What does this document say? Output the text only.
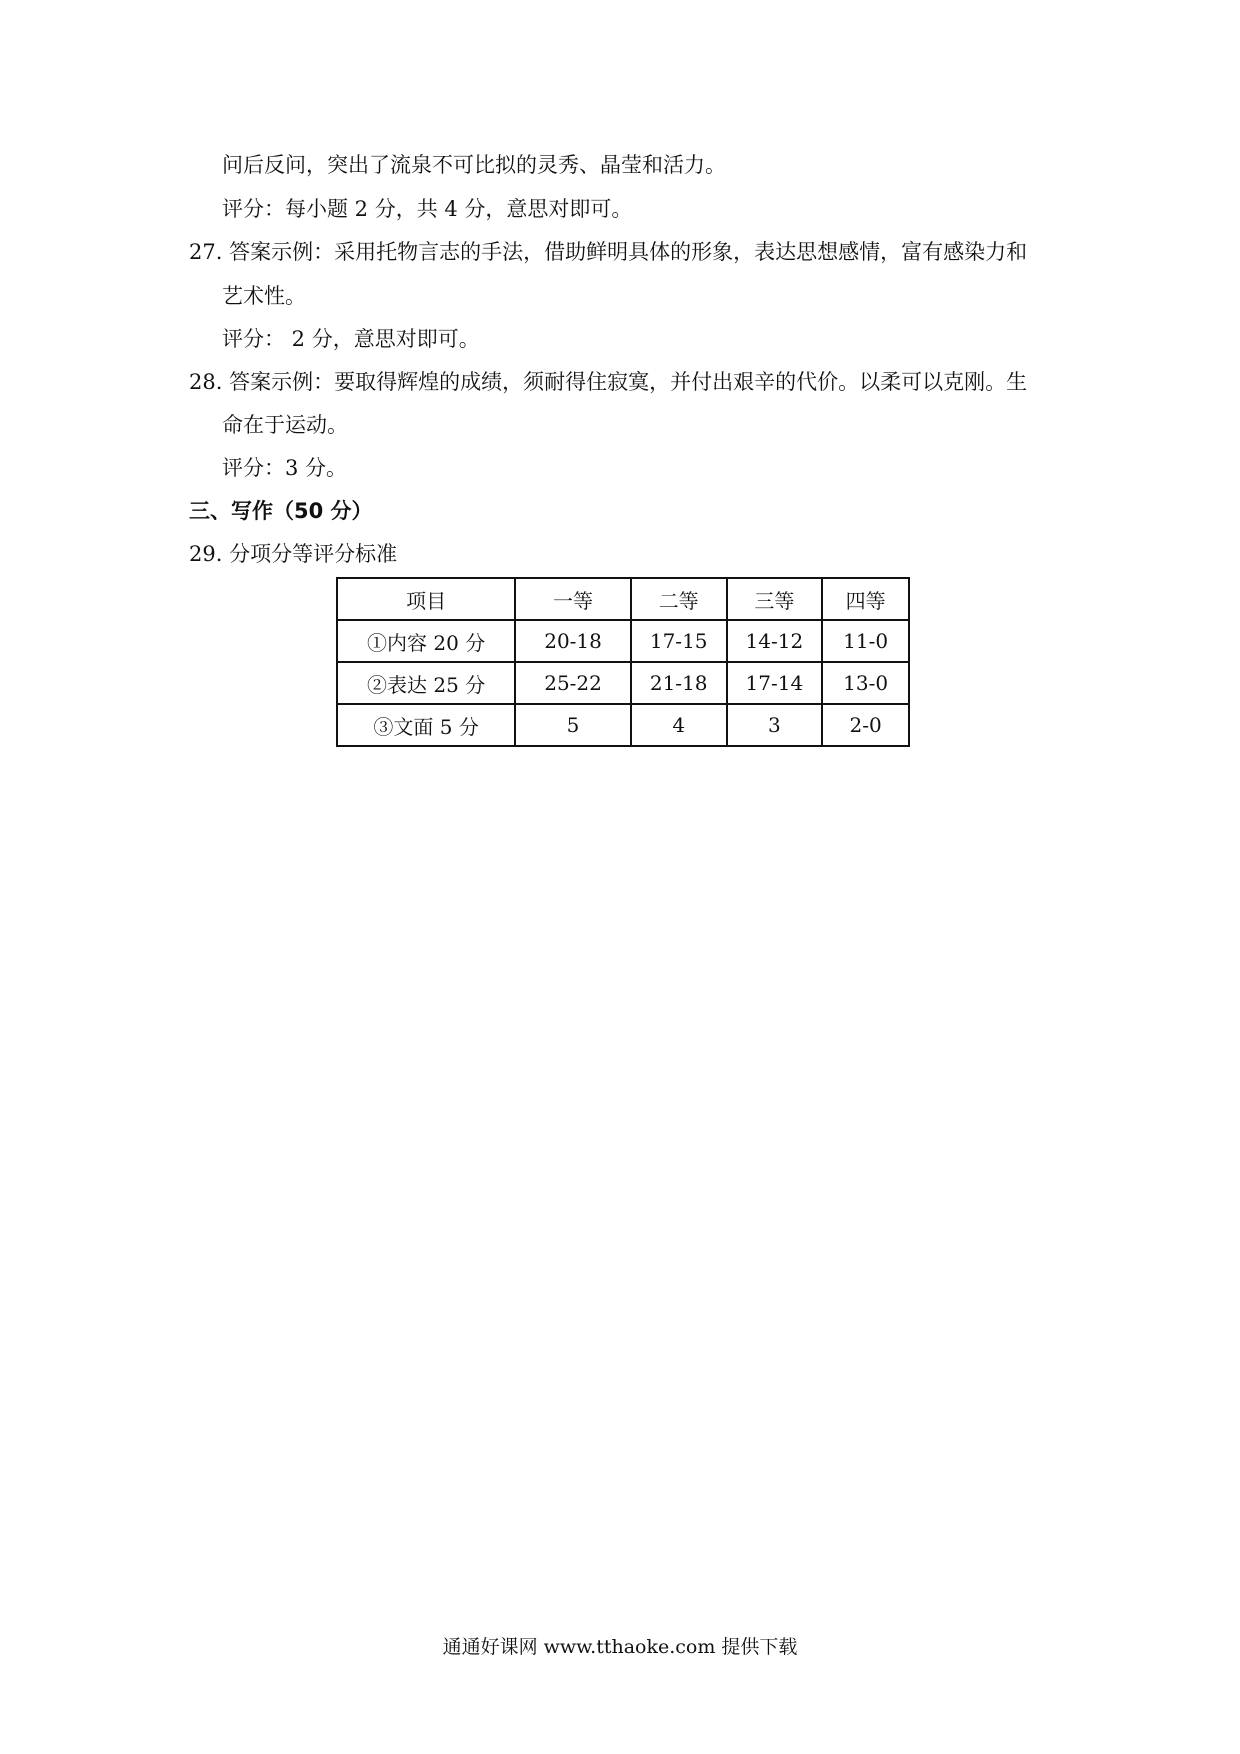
问后反问，突出了流泉不可比拟的灵秀、晶莹和活力。
评分：每小题 2 分，共 4 分，意思对即可。
27. 答案示例：采用托物言志的手法，借助鲜明具体的形象，表达思想感情，富有感染力和
艺术性。
评分： 2 分，意思对即可。
28. 答案示例：要取得辉煌的成绩，须耐得住寂寞，并付出艰辛的代价。以柔可以克刚。生
命在于运动。
评分：3 分。
三、写作（50 分）
29. 分项分等评分标准
项目	一等	二等	三等	四等
①内容 20 分	20-18	17-15	14-12	11-0
②表达 25 分	25-22	21-18	17-14	13-0
③文面 5 分	5	4	3	2-0
通通好课网 www.tthaoke.com 提供下载
